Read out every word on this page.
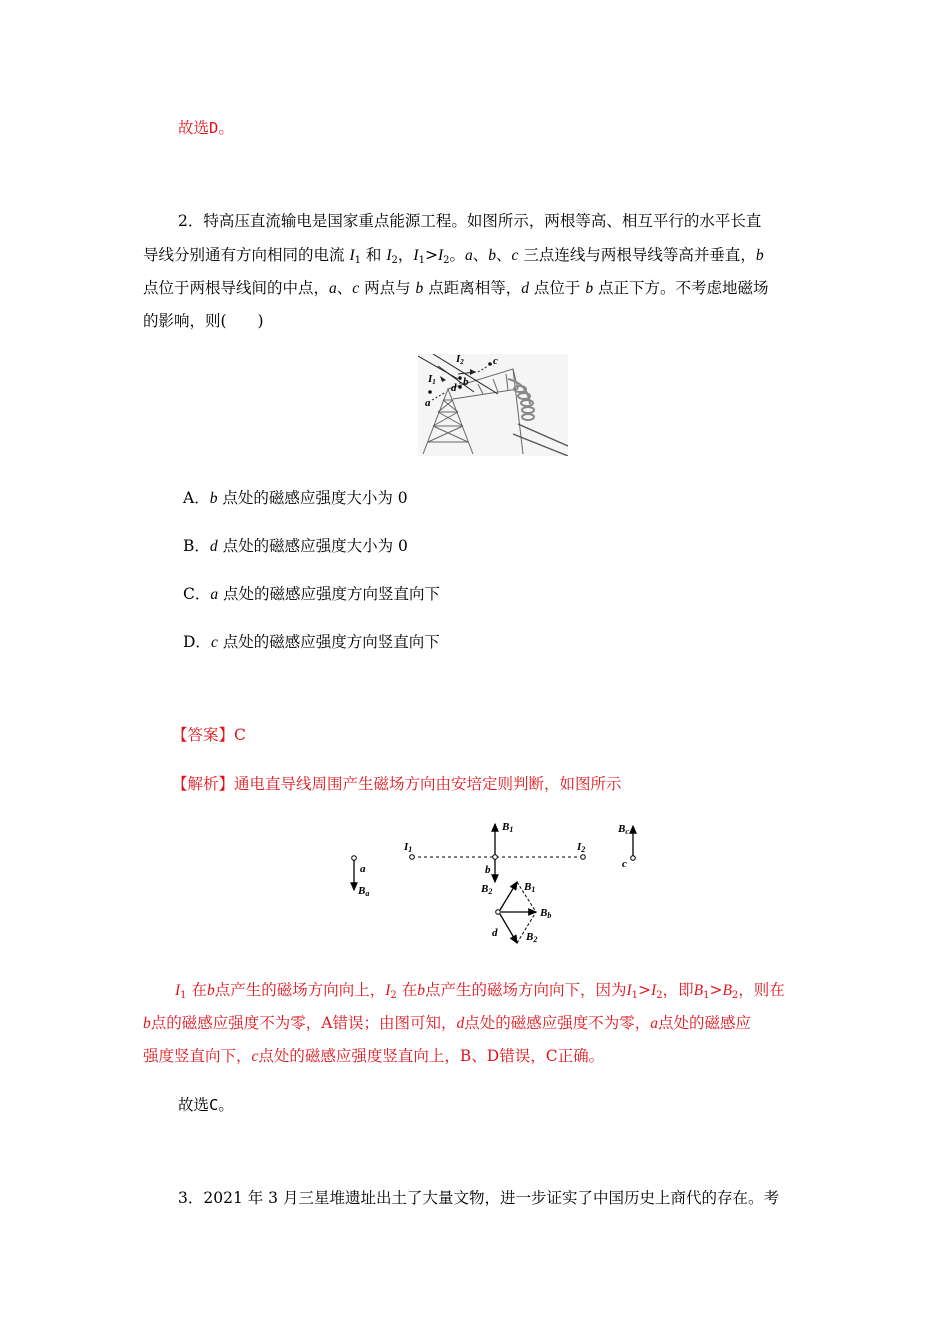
故选D。
2．特高压直流输电是国家重点能源工程。如图所示，两根等高、相互平行的水平长直
导线分别通有方向相同的电流 $I_1$ 和 $I_2$，$I_1>I_2$。a、b、c 三点连线与两根导线等高并垂直，b
点位于两根导线间的中点，a、c 两点与 b 点距离相等，d 点位于 b 点正下方。不考虑地磁场
的影响，则(　　)
I2	c
I1 b
d
a
A．b 点处的磁感应强度大小为 0
B．d 点处的磁感应强度大小为 0
C．a 点处的磁感应强度方向竖直向下
D．c 点处的磁感应强度方向竖直向下
【答案】C
【解析】通电直导线周围产生磁场方向由安培定则判断，如图所示
I1	I2
B1	Bc
a
Ba
b	c
B2	B1
Bb
d	B2
$I_1$ 在b点产生的磁场方向向上，$I_2$ 在b点产生的磁场方向向下，因为$I_1>I_2$，即$B_1>B_2$，则在
b点的磁感应强度不为零，A错误；由图可知，d点处的磁感应强度不为零，a点处的磁感应
强度竖直向下，c点处的磁感应强度竖直向上，B、D错误，C正确。
故选C。
3．2021 年 3 月三星堆遗址出土了大量文物，进一步证实了中国历史上商代的存在。考
